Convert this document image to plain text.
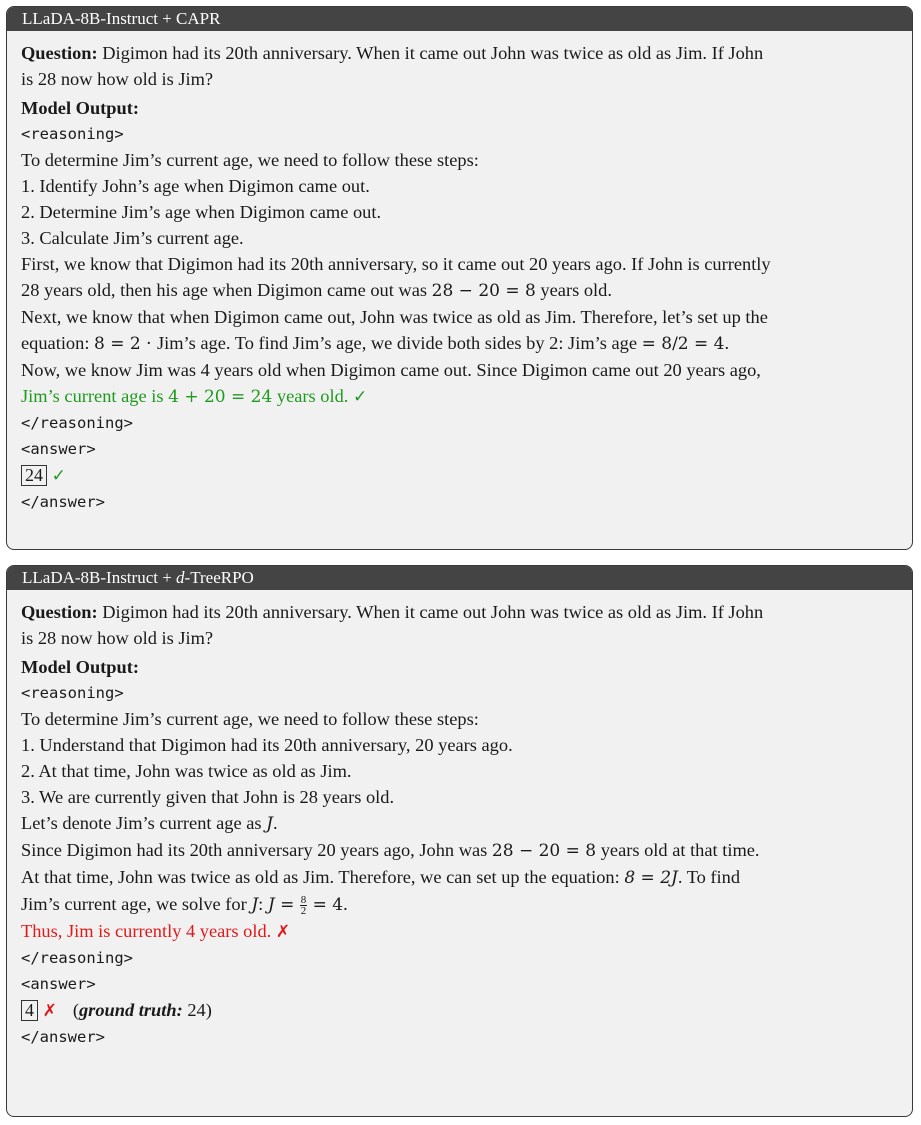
LLaDA-8B-Instruct + CAPR
Question: Digimon had its 20th anniversary. When it came out John was twice as old as Jim. If John
is 28 now how old is Jim?
Model Output:
<reasoning>
To determine Jim’s current age, we need to follow these steps:
1. Identify John’s age when Digimon came out.
2. Determine Jim’s age when Digimon came out.
3. Calculate Jim’s current age.
First, we know that Digimon had its 20th anniversary, so it came out 20 years ago. If John is currently
28 years old, then his age when Digimon came out was 28 − 20 = 8 years old.
Next, we know that when Digimon came out, John was twice as old as Jim. Therefore, let’s set up the
equation: 8 = 2 · Jim’s age. To find Jim’s age, we divide both sides by 2: Jim’s age = 8/2 = 4.
Now, we know Jim was 4 years old when Digimon came out. Since Digimon came out 20 years ago,
Jim’s current age is 4 + 20 = 24 years old. ✓
</reasoning>
<answer>
24 ✓
</answer>
LLaDA-8B-Instruct + d-TreeRPO
Question: Digimon had its 20th anniversary. When it came out John was twice as old as Jim. If John
is 28 now how old is Jim?
Model Output:
<reasoning>
To determine Jim’s current age, we need to follow these steps:
1. Understand that Digimon had its 20th anniversary, 20 years ago.
2. At that time, John was twice as old as Jim.
3. We are currently given that John is 28 years old.
Let’s denote Jim’s current age as J.
Since Digimon had its 20th anniversary 20 years ago, John was 28 − 20 = 8 years old at that time.
At that time, John was twice as old as Jim. Therefore, we can set up the equation: 8 = 2J. To find
Jim’s current age, we solve for J: $J = \frac{8}{2} = 4$.
Thus, Jim is currently 4 years old. ✗
</reasoning>
<answer>
4 ✗ (ground truth: 24)
</answer>
